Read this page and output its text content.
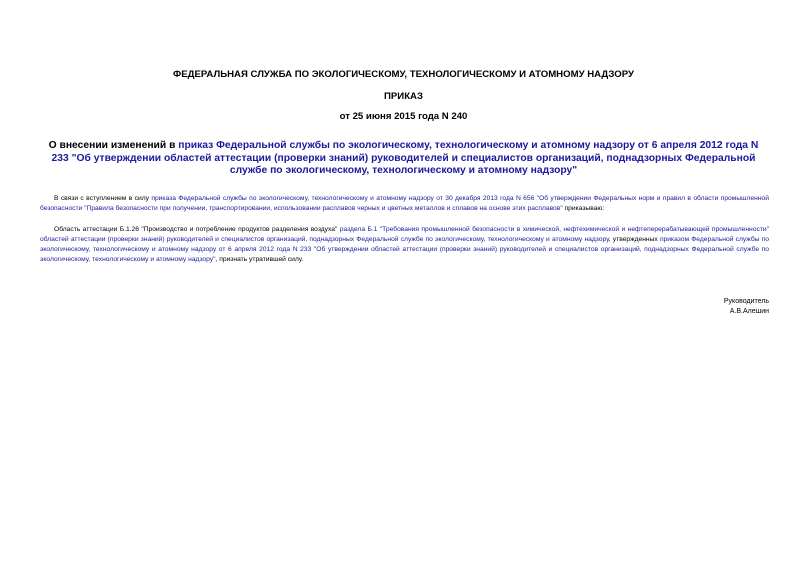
ФЕДЕРАЛЬНАЯ СЛУЖБА ПО ЭКОЛОГИЧЕСКОМУ, ТЕХНОЛОГИЧЕСКОМУ И АТОМНОМУ НАДЗОРУ

ПРИКАЗ

от 25 июня 2015 года N 240

О внесении изменений в приказ Федеральной службы по экологическому, технологическому и атомному надзору от 6 апреля 2012 года N 233 "Об утверждении областей аттестации (проверки знаний) руководителей и специалистов организаций, поднадзорных Федеральной службе по экологическому, технологическому и атомному надзору"

В связи с вступлением в силу приказа Федеральной службы по экологическому, технологическому и атомному надзору от 30 декабря 2013 года N 656 "Об утверждении Федеральных норм и правил в области промышленной безопасности "Правила безопасности при получении, транспортировании, использовании расплавов черных и цветных металлов и сплавов на основе этих расплавов" приказываю:

Область аттестации Б.1.26 "Производство и потребление продуктов разделения воздуха" раздела Б.1 "Требования промышленной безопасности в химической, нефтехимической и нефтеперерабатывающей промышленности" областей аттестации (проверки знаний) руководителей и специалистов организаций, поднадзорных Федеральной службе по экологическому, технологическому и атомному надзору, утвержденных приказом Федеральной службы по экологическому, технологическому и атомному надзору от 6 апреля 2012 года N 233 "Об утверждении областей аттестации (проверки знаний) руководителей и специалистов организаций, поднадзорных Федеральной службе по экологическому, технологическому и атомному надзору", признать утратившей силу.

Руководитель
А.В.Алешин
